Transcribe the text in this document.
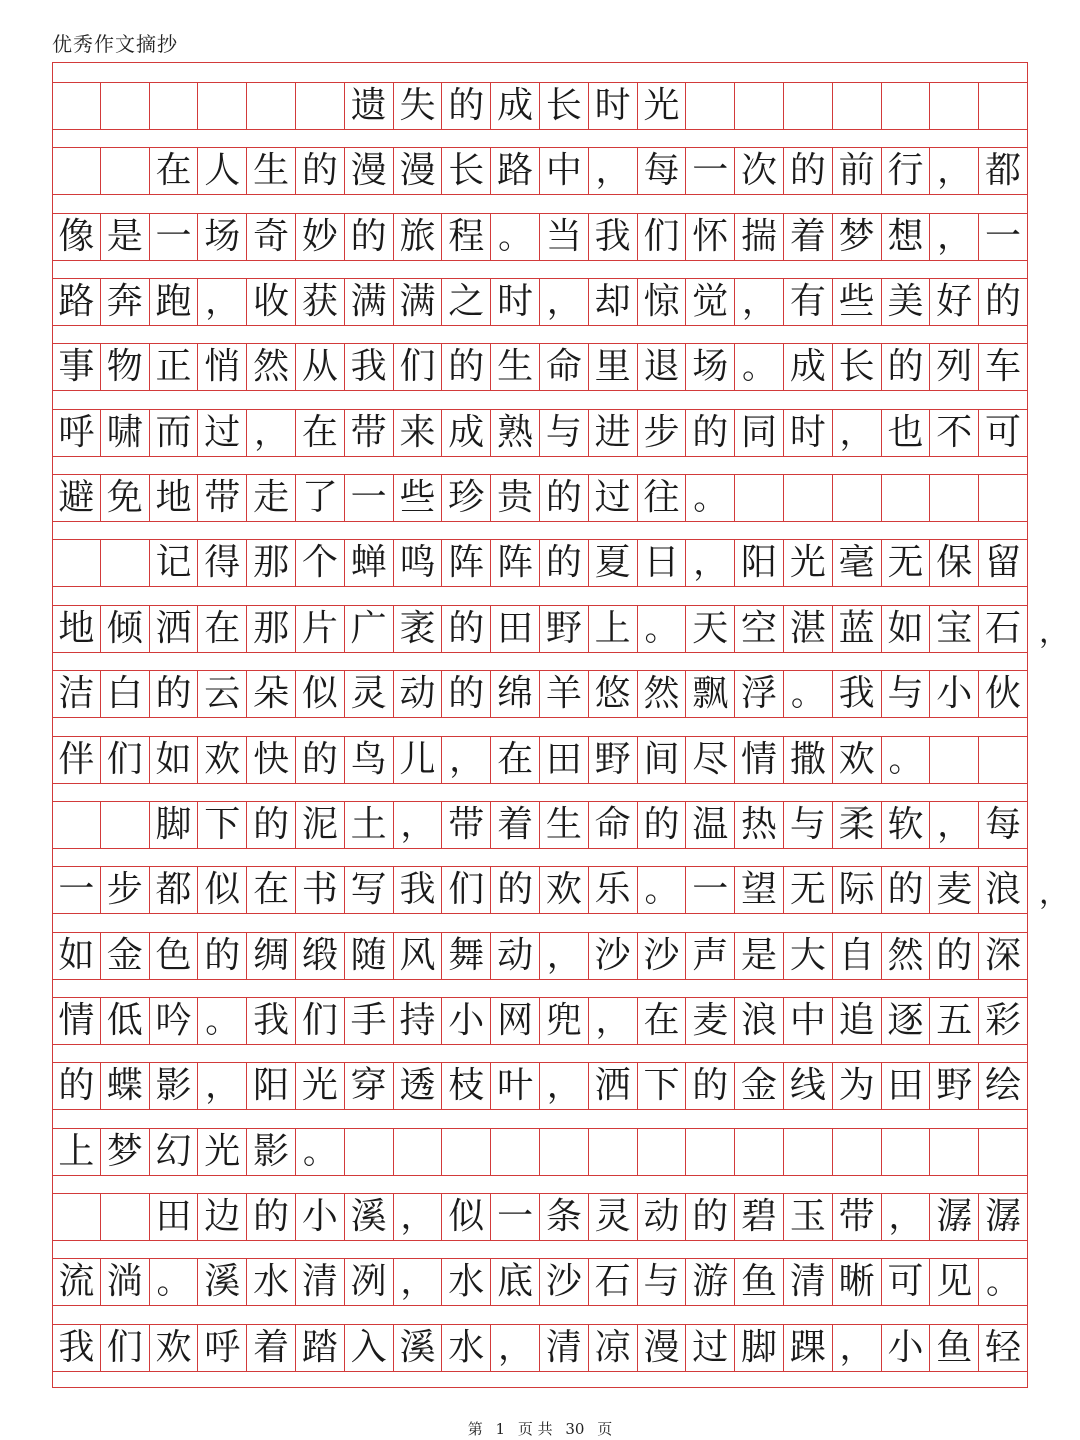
优秀作文摘抄
遗 失 的 成 长 时 光
在 人 生 的 漫 漫 长 路 中 ， 每 一 次 的 前 行 ， 都
像 是 一 场 奇 妙 的 旅 程 。 当 我 们 怀 揣 着 梦 想 ， 一
路 奔 跑 ， 收 获 满 满 之 时 ， 却 惊 觉 ， 有 些 美 好 的
事 物 正 悄 然 从 我 们 的 生 命 里 退 场 。 成 长 的 列 车
呼 啸 而 过 ， 在 带 来 成 熟 与 进 步 的 同 时 ， 也 不 可
避 免 地 带 走 了 一 些 珍 贵 的 过 往 。
记 得 那 个 蝉 鸣 阵 阵 的 夏 日 ， 阳 光 毫 无 保 留
地 倾 洒 在 那 片 广 袤 的 田 野 上 。 天 空 湛 蓝 如 宝 石
洁 白 的 云 朵 似 灵 动 的 绵 羊 悠 然 飘 浮 。 我 与 小 伙
伴 们 如 欢 快 的 鸟 儿 ， 在 田 野 间 尽 情 撒 欢 。
脚 下 的 泥 土 ， 带 着 生 命 的 温 热 与 柔 软 ， 每
一 步 都 似 在 书 写 我 们 的 欢 乐 。 一 望 无 际 的 麦 浪
如 金 色 的 绸 缎 随 风 舞 动 ， 沙 沙 声 是 大 自 然 的 深
情 低 吟 。 我 们 手 持 小 网 兜 ， 在 麦 浪 中 追 逐 五 彩
的 蝶 影 ， 阳 光 穿 透 枝 叶 ， 洒 下 的 金 线 为 田 野 绘
上 梦 幻 光 影 。
田 边 的 小 溪 ， 似 一 条 灵 动 的 碧 玉 带 ， 潺 潺
流 淌 。 溪 水 清 冽 ， 水 底 沙 石 与 游 鱼 清 晰 可 见 。
我 们 欢 呼 着 踏 入 溪 水 ， 清 凉 漫 过 脚 踝 ， 小 鱼 轻
，
，
第 1 页 共 30 页
